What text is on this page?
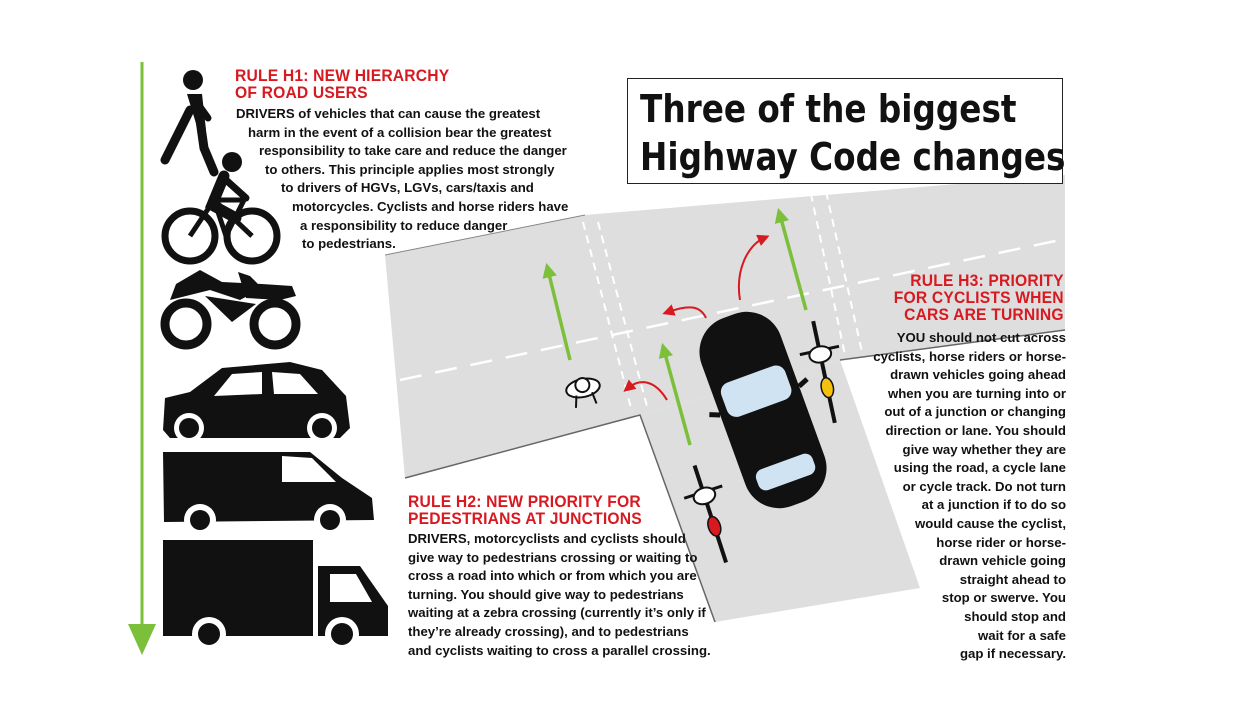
Three of the biggest
Highway Code changes
RULE H1: NEW HIERARCHY
OF ROAD USERS
DRIVERS of vehicles that can cause the greatest
harm in the event of a collision bear the greatest
responsibility to take care and reduce the danger
to others. This principle applies most strongly
to drivers of HGVs, LGVs, cars/taxis and
motorcycles. Cyclists and horse riders have
a responsibility to reduce danger
to pedestrians.
RULE H2: NEW PRIORITY FOR
PEDESTRIANS AT JUNCTIONS
DRIVERS, motorcyclists and cyclists should
give way to pedestrians crossing or waiting to
cross a road into which or from which you are
turning. You should give way to pedestrians
waiting at a zebra crossing (currently it’s only if
they’re already crossing), and to pedestrians
and cyclists waiting to cross a parallel crossing.
RULE H3: PRIORITY
FOR CYCLISTS WHEN
CARS ARE TURNING
YOU should not cut across
cyclists, horse riders or horse-
drawn vehicles going ahead
when you are turning into or
out of a junction or changing
direction or lane. You should
give way whether they are
using the road, a cycle lane
or cycle track. Do not turn
at a junction if to do so
would cause the cyclist,
horse rider or horse-
drawn vehicle going
straight ahead to
stop or swerve. You
should stop and
wait for a safe
gap if necessary.
